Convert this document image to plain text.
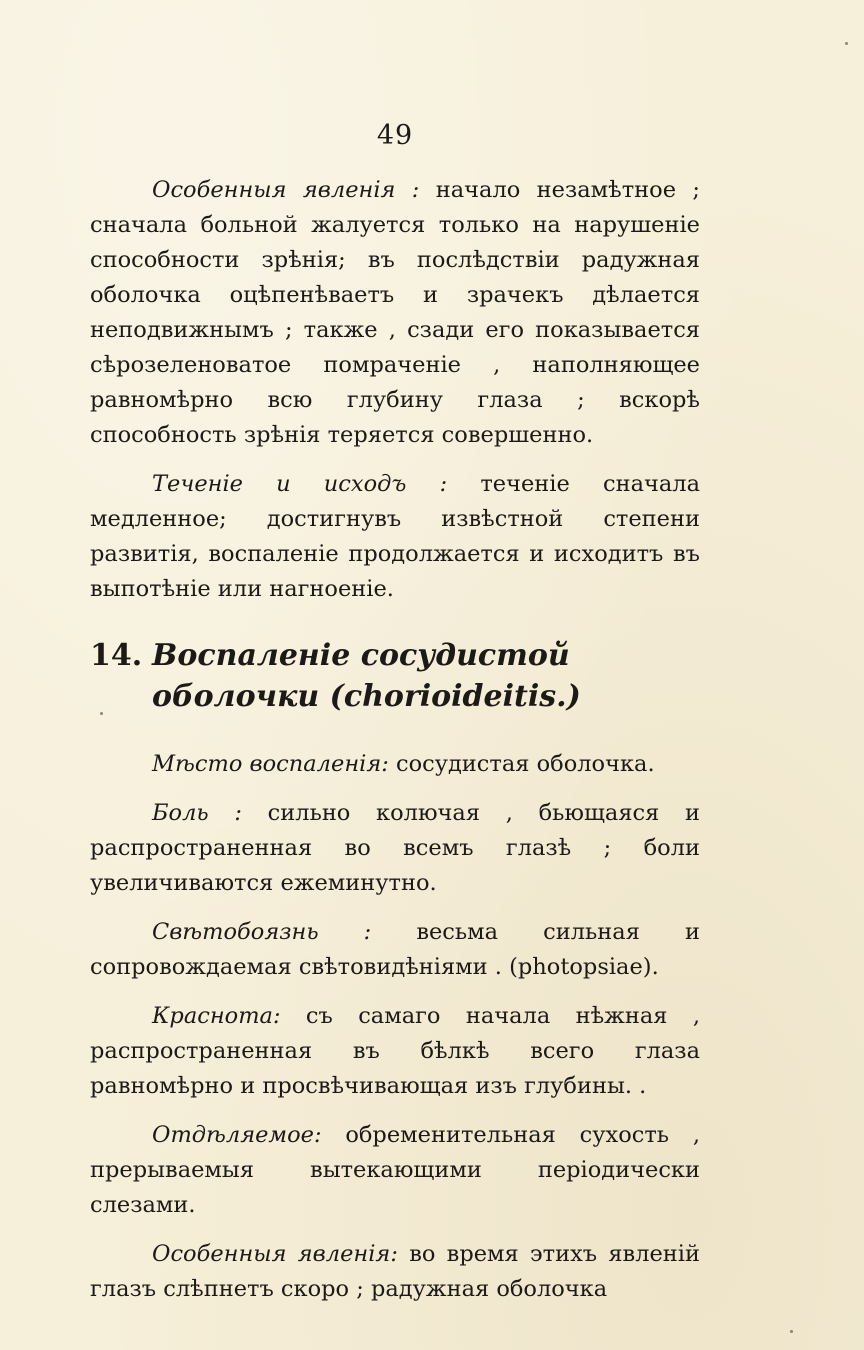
49

Особенныя явленія : начало незамѣтное ; сначала больной жалуется только на нарушеніе способности зрѣнія; въ послѣдствіи радужная оболочка оцѣпенѣваетъ и зрачекъ дѣлается неподвижнымъ ; также , сзади его показывается сѣрозеленоватое помраченіе , наполняющее равномѣрно всю глубину глаза ; вскорѣ способность зрѣнія теряется совершенно.

Теченіе и исходъ : теченіе сначала медленное; достигнувъ извѣстной степени развитія, воспаленіе продолжается и исходитъ въ выпотѣніе или нагноеніе.

14. Воспаленіе сосудистой оболочки (chorioideitis.)

Мѣсто воспаленія: сосудистая оболочка.

Боль : сильно колючая , бьющаяся и распространенная во всемъ глазѣ ; боли увеличиваются ежеминутно.

Свѣтобоязнь : весьма сильная и сопровождаемая свѣтовидѣніями . (photopsiae).

Краснота: съ самаго начала нѣжная , распространенная въ бѣлкѣ всего глаза равномѣрно и просвѣчивающая изъ глубины. .

Отдѣляемое: обременительная сухость , прерываемыя вытекающими періодически слезами.

Особенныя явленія: во время этихъ явленій глазъ слѣпнетъ скоро ; радужная оболочка
